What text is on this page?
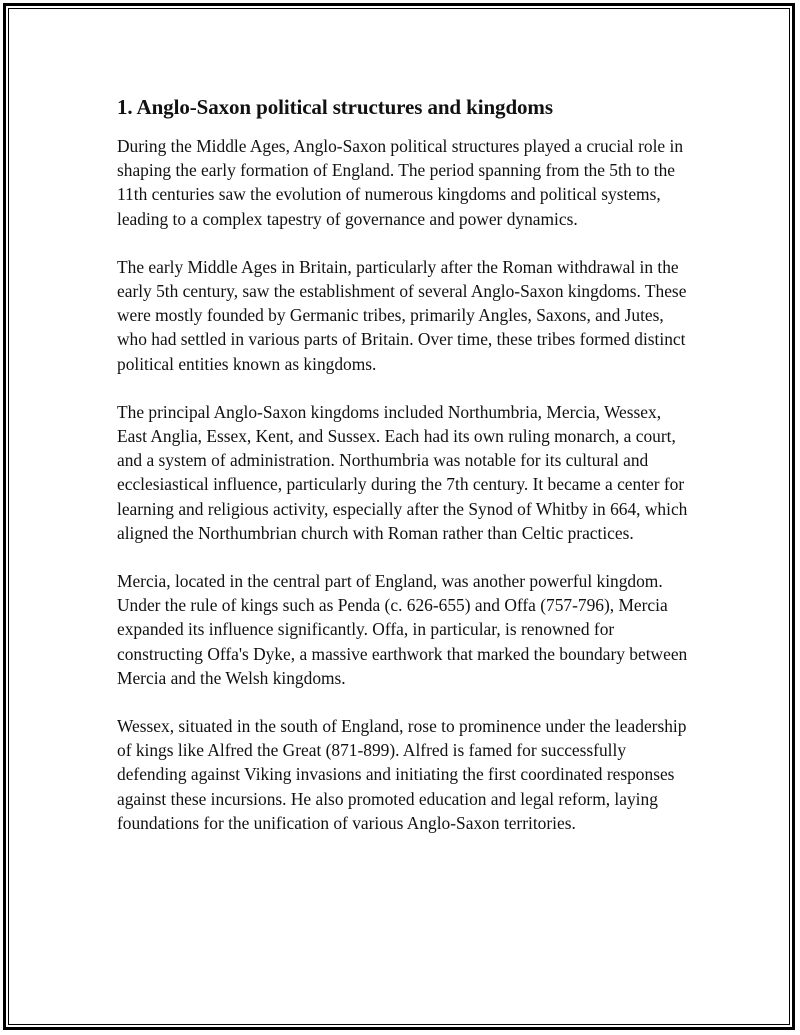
1. Anglo-Saxon political structures and kingdoms

During the Middle Ages, Anglo-Saxon political structures played a crucial role in shaping the early formation of England. The period spanning from the 5th to the 11th centuries saw the evolution of numerous kingdoms and political systems, leading to a complex tapestry of governance and power dynamics.

The early Middle Ages in Britain, particularly after the Roman withdrawal in the early 5th century, saw the establishment of several Anglo-Saxon kingdoms. These were mostly founded by Germanic tribes, primarily Angles, Saxons, and Jutes, who had settled in various parts of Britain. Over time, these tribes formed distinct political entities known as kingdoms.

The principal Anglo-Saxon kingdoms included Northumbria, Mercia, Wessex, East Anglia, Essex, Kent, and Sussex. Each had its own ruling monarch, a court, and a system of administration. Northumbria was notable for its cultural and ecclesiastical influence, particularly during the 7th century. It became a center for learning and religious activity, especially after the Synod of Whitby in 664, which aligned the Northumbrian church with Roman rather than Celtic practices.

Mercia, located in the central part of England, was another powerful kingdom. Under the rule of kings such as Penda (c. 626-655) and Offa (757-796), Mercia expanded its influence significantly. Offa, in particular, is renowned for constructing Offa's Dyke, a massive earthwork that marked the boundary between Mercia and the Welsh kingdoms.

Wessex, situated in the south of England, rose to prominence under the leadership of kings like Alfred the Great (871-899). Alfred is famed for successfully defending against Viking invasions and initiating the first coordinated responses against these incursions. He also promoted education and legal reform, laying foundations for the unification of various Anglo-Saxon territories.
